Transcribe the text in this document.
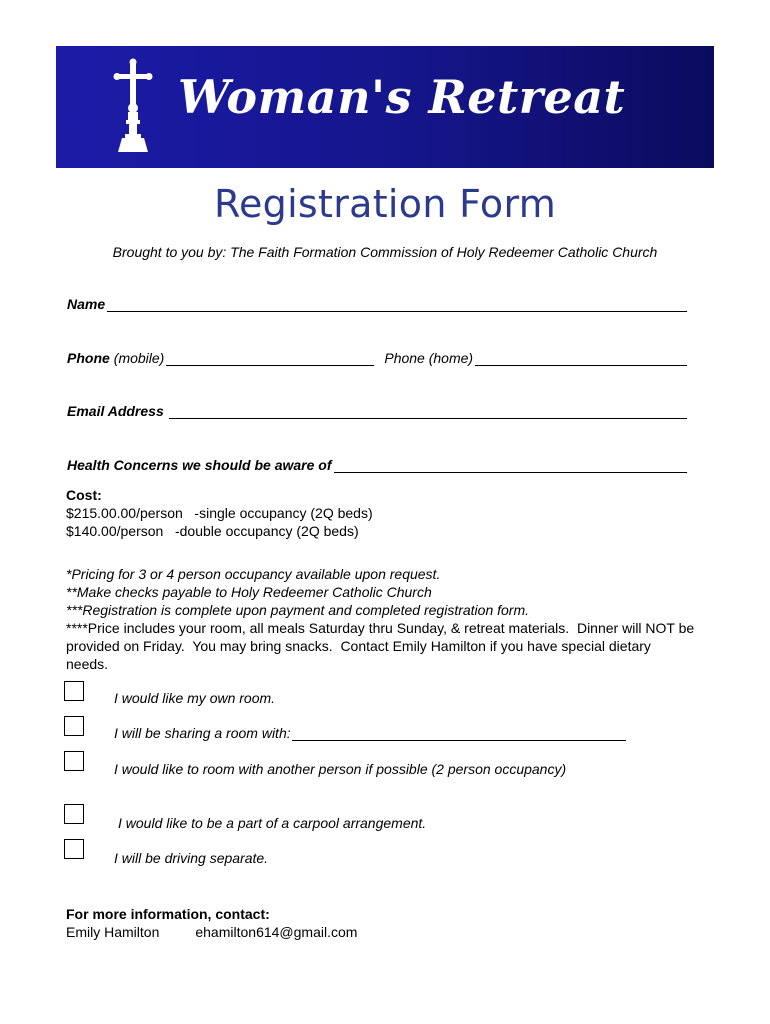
Woman's Retreat
Registration Form
Brought to you by: The Faith Formation Commission of Holy Redeemer Catholic Church
Name
Phone (mobile)	Phone (home)
Email Address
Health Concerns we should be aware of
Cost:
$215.00.00/person   -single occupancy (2Q beds)
$140.00/person   -double occupancy (2Q beds)
*Pricing for 3 or 4 person occupancy available upon request.
**Make checks payable to Holy Redeemer Catholic Church
***Registration is complete upon payment and completed registration form.
****Price includes your room, all meals Saturday thru Sunday, & retreat materials.  Dinner will NOT be provided on Friday.  You may bring snacks.  Contact Emily Hamilton if you have special dietary needs.
I would like my own room.
I will be sharing a room with:
I would like to room with another person if possible (2 person occupancy)
I would like to be a part of a carpool arrangement.
I will be driving separate.
For more information, contact:
Emily Hamilton	ehamilton614@gmail.com
